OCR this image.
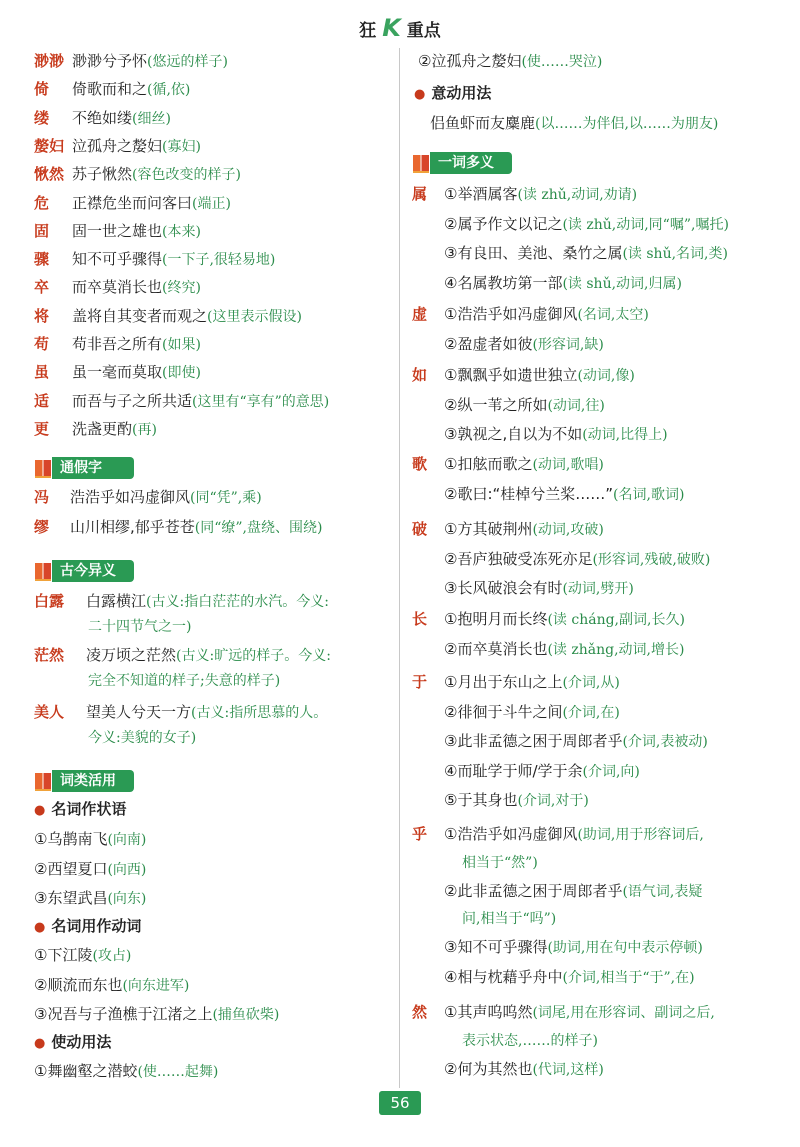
狂 K 重点
渺渺 渺渺兮予怀(悠远的样子)
倚 倚歌而和之(循,依)
缕 不绝如缕(细丝)
嫠妇 泣孤舟之嫠妇(寡妇)
愀然 苏子愀然(容色改变的样子)
危 正襟危坐而问客曰(端正)
固 固一世之雄也(本来)
骤 知不可乎骤得(一下子,很轻易地)
卒 而卒莫消长也(终究)
将 盖将自其变者而观之(这里表示假设)
苟 苟非吾之所有(如果)
虽 虽一毫而莫取(即使)
适 而吾与子之所共适(这里有“享有”的意思)
更 洗盏更酌(再)
通假字
冯 浩浩乎如冯虚御风(同“凭”,乘)
缪 山川相缪,郁乎苍苍(同“缭”,盘绕、围绕)
古今异义
白露 白露横江(古义:指白茫茫的水汽。今义:
二十四节气之一)
茫然 凌万顷之茫然(古义:旷远的样子。今义:
完全不知道的样子;失意的样子)
美人 望美人兮天一方(古义:指所思慕的人。
今义:美貌的女子)
词类活用
● 名词作状语
①乌鹊南飞(向南)
②西望夏口(向西)
③东望武昌(向东)
● 名词用作动词
①下江陵(攻占)
②顺流而东也(向东进军)
③况吾与子渔樵于江渚之上(捕鱼砍柴)
● 使动用法
①舞幽壑之潜蛟(使……起舞)
②泣孤舟之嫠妇(使……哭泣)
● 意动用法
侣鱼虾而友麋鹿(以……为伴侣,以……为朋友)
一词多义
属 ①举酒属客(读 zhǔ,动词,劝请)
②属予作文以记之(读 zhǔ,动词,同“嘱”,嘱托)
③有良田、美池、桑竹之属(读 shǔ,名词,类)
④名属教坊第一部(读 shǔ,动词,归属)
虚 ①浩浩乎如冯虚御风(名词,太空)
②盈虚者如彼(形容词,缺)
如 ①飘飘乎如遗世独立(动词,像)
②纵一苇之所如(动词,往)
③孰视之,自以为不如(动词,比得上)
歌 ①扣舷而歌之(动词,歌唱)
②歌曰:“桂棹兮兰桨……”(名词,歌词)
破 ①方其破荆州(动词,攻破)
②吾庐独破受冻死亦足(形容词,残破,破败)
③长风破浪会有时(动词,劈开)
长 ①抱明月而长终(读 cháng,副词,长久)
②而卒莫消长也(读 zhǎng,动词,增长)
于 ①月出于东山之上(介词,从)
②徘徊于斗牛之间(介词,在)
③此非孟德之困于周郎者乎(介词,表被动)
④而耻学于师/学于余(介词,向)
⑤于其身也(介词,对于)
乎 ①浩浩乎如冯虚御风(助词,用于形容词后,
相当于“然”)
②此非孟德之困于周郎者乎(语气词,表疑
问,相当于“吗”)
③知不可乎骤得(助词,用在句中表示停顿)
④相与枕藉乎舟中(介词,相当于“于”,在)
然 ①其声呜呜然(词尾,用在形容词、副词之后,
表示状态,……的样子)
②何为其然也(代词,这样)
56
